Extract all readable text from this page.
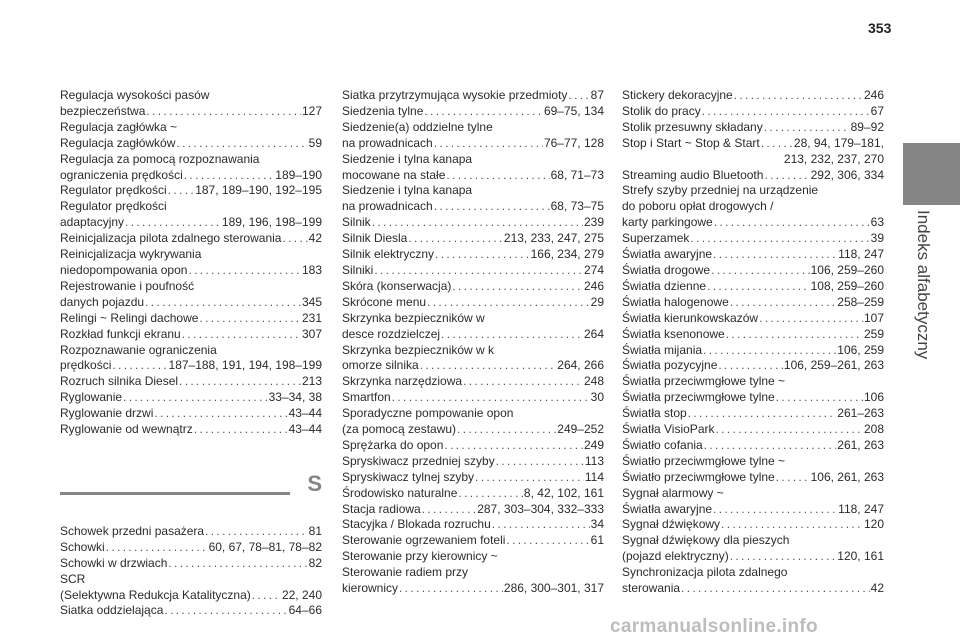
353
Indeks alfabetyczny
Regulacja wysokości pasów
bezpieczeństwa . . .	127
Regulacja zagłówka ~
Regulacja zagłówków . . .	59
Regulacja za pomocą rozpoznawania
ograniczenia prędkości . . .	189–190
Regulator prędkości . . . 187, 189–190, 192–195
Regulator prędkości
adaptacyjny . . .	189, 196, 198–199
Reinicjalizacja pilota zdalnego sterowania . . . 42
Reinicjalizacja wykrywania
niedopompowania opon . . .	183
Rejestrowanie i poufność
danych pojazdu . . .	345
Relingi ~ Relingi dachowe . . .	231
Rozkład funkcji ekranu . . .	307
Rozpoznawanie ograniczenia
prędkości . . .	187–188, 191, 194, 198–199
Rozruch silnika Diesel . . .	213
Ryglowanie . . .	33–34, 38
Ryglowanie drzwi . . .	43–44
Ryglowanie od wewnątrz . . .	43–44
S
Schowek przedni pasażera . . .	81
Schowki . . .	60, 67, 78–81, 78–82
Schowki w drzwiach . . .	82
SCR
(Selektywna Redukcja Katalityczna) . . .	22, 240
Siatka oddzielająca . . .	64–66
Siatka przytrzymująca wysokie przedmioty . . . 87
Siedzenia tylne . . .	69–75, 134
Siedzenie(a) oddzielne tylne
na prowadnicach . . .	76–77, 128
Siedzenie i tylna kanapa
mocowane na stałe . . .	68, 71–73
Siedzenie i tylna kanapa
na prowadnicach . . .	68, 73–75
Silnik . . .	239
Silnik Diesla . . .	213, 233, 247, 275
Silnik elektryczny . . .	166, 234, 279
Silniki . . .	274
Skóra (konserwacja) . . .	246
Skrócone menu . . .	29
Skrzynka bezpieczników w
desce rozdzielczej . . .	264
Skrzynka bezpieczników w k
omorze silnika . . .	264, 266
Skrzynka narzędziowa . . .	248
Smartfon . . .	30
Sporadyczne pompowanie opon
(za pomocą zestawu) . . .	249–252
Sprężarka do opon . . .	249
Spryskiwacz przedniej szyby . . .	113
Spryskiwacz tylnej szyby . . .	114
Środowisko naturalne . . .	8, 42, 102, 161
Stacja radiowa . . .	287, 303–304, 332–333
Stacyjka / Blokada rozruchu . . .	34
Sterowanie ogrzewaniem foteli . . .	61
Sterowanie przy kierownicy ~
Sterowanie radiem przy
kierownicy . . .	286, 300–301, 317
Stickery dekoracyjne . . .	246
Stolik do pracy . . .	67
Stolik przesuwny składany . . .	89–92
Stop i Start ~ Stop & Start . . .	28, 94, 179–181,
213, 232, 237, 270
Streaming audio Bluetooth . . .	292, 306, 334
Strefy szyby przedniej na urządzenie
do poboru opłat drogowych /
karty parkingowe . . .	63
Superzamek . . .	39
Światła awaryjne . . .	118, 247
Światła drogowe . . .	106, 259–260
Światła dzienne . . .	108, 259–260
Światła halogenowe . . .	258–259
Światła kierunkowskazów . . .	107
Światła ksenonowe . . .	259
Światła mijania . . .	106, 259
Światła pozycyjne . . .	106, 259–261, 263
Światła przeciwmgłowe tylne ~
Światła przeciwmgłowe tylne . . .	106
Światła stop . . .	261–263
Światła VisioPark . . .	208
Światło cofania . . .	261, 263
Światło przeciwmgłowe tylne ~
Światło przeciwmgłowe tylne . . .	106, 261, 263
Sygnał alarmowy ~
Światła awaryjne . . .	118, 247
Sygnał dźwiękowy . . .	120
Sygnał dźwiękowy dla pieszych
(pojazd elektryczny) . . .	120, 161
Synchronizacja pilota zdalnego
sterowania . . .	42
carmanualsonline.info
